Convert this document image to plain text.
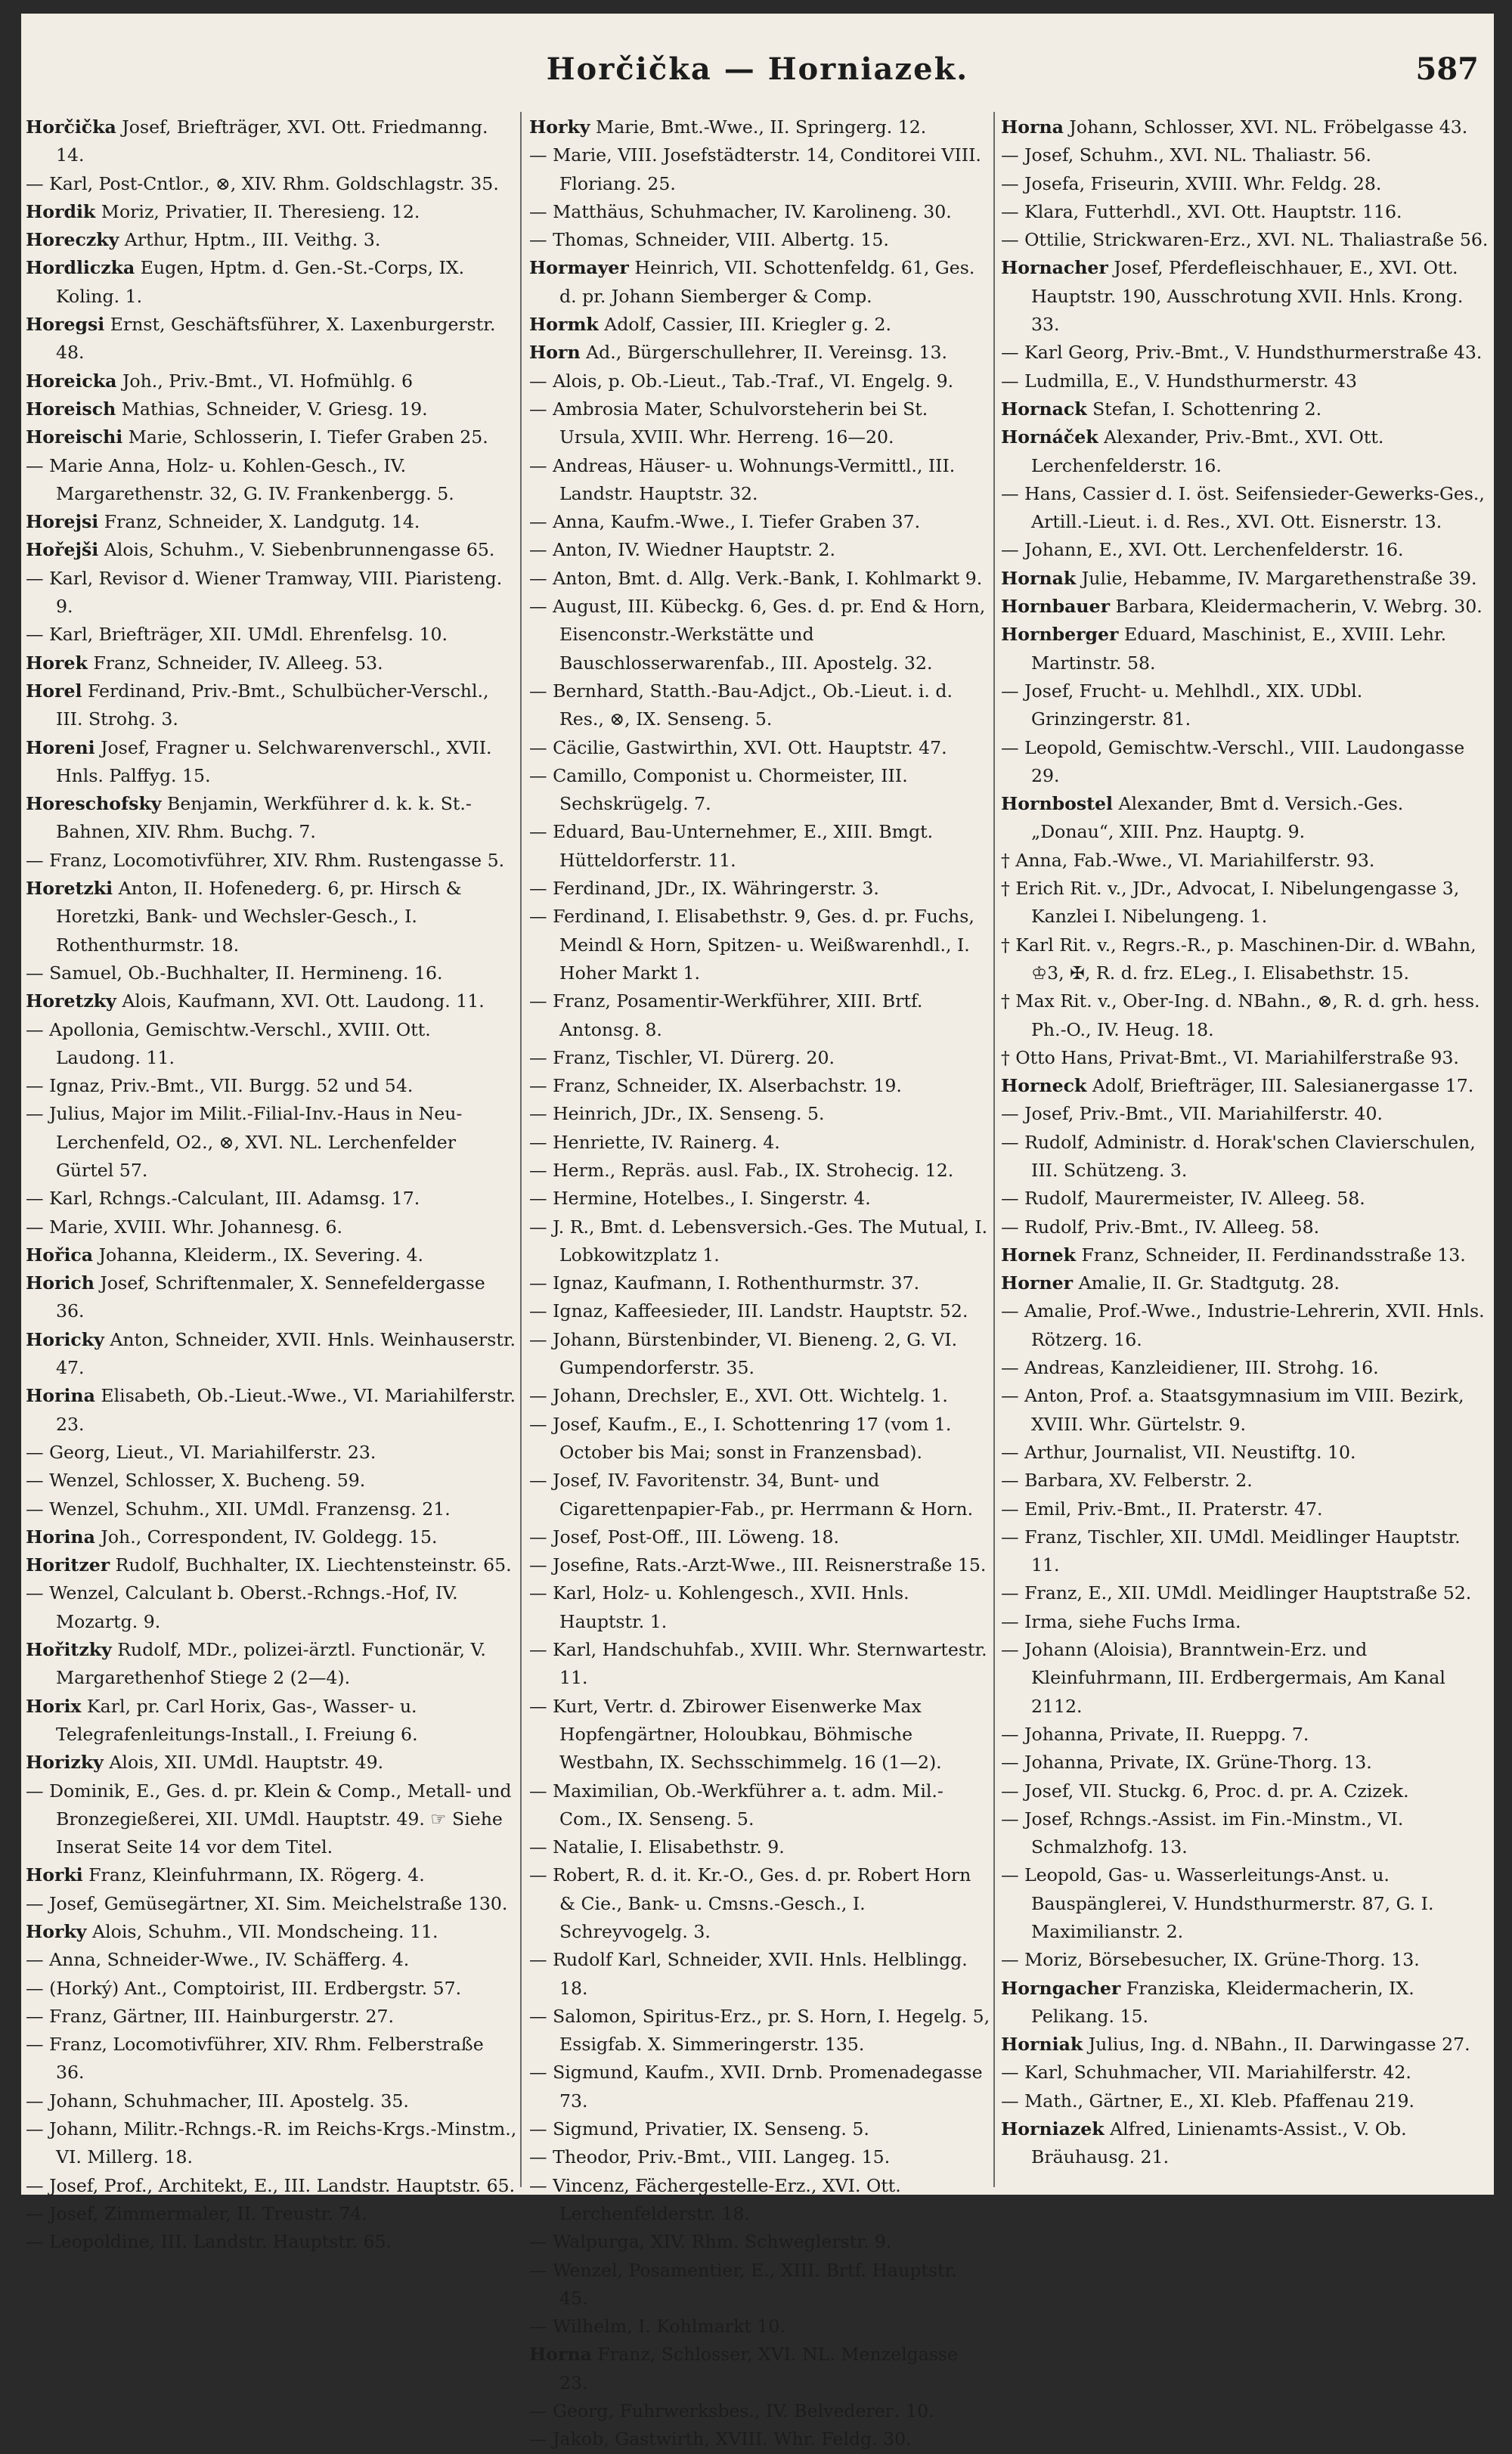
Horčička — Horniazek.	587

Horčička Josef, Briefträger, XVI. Ott. Friedmanng. 14.

— Karl, Post-Cntlor., ⊗, XIV. Rhm. Goldschlagstr. 35.

Hordik Moriz, Privatier, II. Theresieng. 12.

Horeczky Arthur, Hptm., III. Veithg. 3.

Hordliczka Eugen, Hptm. d. Gen.-St.-Corps, IX. Koling. 1.

Horegsi Ernst, Geschäftsführer, X. Laxenburgerstr. 48.

Horeicka Joh., Priv.-Bmt., VI. Hofmühlg. 6

Horeisch Mathias, Schneider, V. Griesg. 19.

Horeischi Marie, Schlosserin, I. Tiefer Graben 25.

— Marie Anna, Holz- u. Kohlen-Gesch., IV. Margarethenstr. 32, G. IV. Frankenbergg. 5.

Horejsi Franz, Schneider, X. Landgutg. 14.

Hořejši Alois, Schuhm., V. Siebenbrunnengasse 65.

— Karl, Revisor d. Wiener Tramway, VIII. Piaristeng. 9.

— Karl, Briefträger, XII. UMdl. Ehrenfelsg. 10.

Horek Franz, Schneider, IV. Alleeg. 53.

Horel Ferdinand, Priv.-Bmt., Schulbücher-Verschl., III. Strohg. 3.

Horeni Josef, Fragner u. Selchwarenverschl., XVII. Hnls. Palffyg. 15.

Horeschofsky Benjamin, Werkführer d. k. k. St.-Bahnen, XIV. Rhm. Buchg. 7.

— Franz, Locomotivführer, XIV. Rhm. Rustengasse 5.

Horetzki Anton, II. Hofenederg. 6, pr. Hirsch & Horetzki, Bank- und Wechsler-Gesch., I. Rothenthurmstr. 18.

— Samuel, Ob.-Buchhalter, II. Hermineng. 16.

Horetzky Alois, Kaufmann, XVI. Ott. Laudong. 11.

— Apollonia, Gemischtw.-Verschl., XVIII. Ott. Laudong. 11.

— Ignaz, Priv.-Bmt., VII. Burgg. 52 und 54.

— Julius, Major im Milit.-Filial-Inv.-Haus in Neu-Lerchenfeld, O2., ⊗, XVI. NL. Lerchenfelder Gürtel 57.

— Karl, Rchngs.-Calculant, III. Adamsg. 17.

— Marie, XVIII. Whr. Johannesg. 6.

Hořica Johanna, Kleiderm., IX. Severing. 4.

Horich Josef, Schriftenmaler, X. Sennefeldergasse 36.

Horicky Anton, Schneider, XVII. Hnls. Weinhauserstr. 47.

Horina Elisabeth, Ob.-Lieut.-Wwe., VI. Mariahilferstr. 23.

— Georg, Lieut., VI. Mariahilferstr. 23.

— Wenzel, Schlosser, X. Bucheng. 59.

— Wenzel, Schuhm., XII. UMdl. Franzensg. 21.

Horina Joh., Correspondent, IV. Goldegg. 15.

Horitzer Rudolf, Buchhalter, IX. Liechtensteinstr. 65.

— Wenzel, Calculant b. Oberst.-Rchngs.-Hof, IV. Mozartg. 9.

Hořitzky Rudolf, MDr., polizei-ärztl. Functionär, V. Margarethenhof Stiege 2 (2—4).

Horix Karl, pr. Carl Horix, Gas-, Wasser- u. Telegrafenleitungs-Install., I. Freiung 6.

Horizky Alois, XII. UMdl. Hauptstr. 49.

— Dominik, E., Ges. d. pr. Klein & Comp., Metall- und Bronzegießerei, XII. UMdl. Hauptstr. 49. ☞ Siehe Inserat Seite 14 vor dem Titel.

Horki Franz, Kleinfuhrmann, IX. Rögerg. 4.

— Josef, Gemüsegärtner, XI. Sim. Meichelstraße 130.

Horky Alois, Schuhm., VII. Mondscheing. 11.

— Anna, Schneider-Wwe., IV. Schäfferg. 4.

— (Horký) Ant., Comptoirist, III. Erdbergstr. 57.

— Franz, Gärtner, III. Hainburgerstr. 27.

— Franz, Locomotivführer, XIV. Rhm. Felberstraße 36.

— Johann, Schuhmacher, III. Apostelg. 35.

— Johann, Militr.-Rchngs.-R. im Reichs-Krgs.-Minstm., VI. Millerg. 18.

— Josef, Prof., Architekt, E., III. Landstr. Hauptstr. 65.

— Josef, Zimmermaler, II. Treustr. 74.

— Leopoldine, III. Landstr. Hauptstr. 65.

Horky Marie, Bmt.-Wwe., II. Springerg. 12.

— Marie, VIII. Josefstädterstr. 14, Conditorei VIII. Floriang. 25.

— Matthäus, Schuhmacher, IV. Karolineng. 30.

— Thomas, Schneider, VIII. Albertg. 15.

Hormayer Heinrich, VII. Schottenfeldg. 61, Ges. d. pr. Johann Siemberger & Comp.

Hormk Adolf, Cassier, III. Kriegler g. 2.

Horn Ad., Bürgerschullehrer, II. Vereinsg. 13.

— Alois, p. Ob.-Lieut., Tab.-Traf., VI. Engelg. 9.

— Ambrosia Mater, Schulvorsteherin bei St. Ursula, XVIII. Whr. Herreng. 16—20.

— Andreas, Häuser- u. Wohnungs-Vermittl., III. Landstr. Hauptstr. 32.

— Anna, Kaufm.-Wwe., I. Tiefer Graben 37.

— Anton, IV. Wiedner Hauptstr. 2.

— Anton, Bmt. d. Allg. Verk.-Bank, I. Kohlmarkt 9.

— August, III. Kübeckg. 6, Ges. d. pr. End & Horn, Eisenconstr.-Werkstätte und Bauschlosserwarenfab., III. Apostelg. 32.

— Bernhard, Statth.-Bau-Adjct., Ob.-Lieut. i. d. Res., ⊗, IX. Senseng. 5.

— Cäcilie, Gastwirthin, XVI. Ott. Hauptstr. 47.

— Camillo, Componist u. Chormeister, III. Sechskrügelg. 7.

— Eduard, Bau-Unternehmer, E., XIII. Bmgt. Hütteldorferstr. 11.

— Ferdinand, JDr., IX. Währingerstr. 3.

— Ferdinand, I. Elisabethstr. 9, Ges. d. pr. Fuchs, Meindl & Horn, Spitzen- u. Weißwarenhdl., I. Hoher Markt 1.

— Franz, Posamentir-Werkführer, XIII. Brtf. Antonsg. 8.

— Franz, Tischler, VI. Dürerg. 20.

— Franz, Schneider, IX. Alserbachstr. 19.

— Heinrich, JDr., IX. Senseng. 5.

— Henriette, IV. Rainerg. 4.

— Herm., Repräs. ausl. Fab., IX. Strohecig. 12.

— Hermine, Hotelbes., I. Singerstr. 4.

— J. R., Bmt. d. Lebensversich.-Ges. The Mutual, I. Lobkowitzplatz 1.

— Ignaz, Kaufmann, I. Rothenthurmstr. 37.

— Ignaz, Kaffeesieder, III. Landstr. Hauptstr. 52.

— Johann, Bürstenbinder, VI. Bieneng. 2, G. VI. Gumpendorferstr. 35.

— Johann, Drechsler, E., XVI. Ott. Wichtelg. 1.

— Josef, Kaufm., E., I. Schottenring 17 (vom 1. October bis Mai; sonst in Franzensbad).

— Josef, IV. Favoritenstr. 34, Bunt- und Cigarettenpapier-Fab., pr. Herrmann & Horn.

— Josef, Post-Off., III. Löweng. 18.

— Josefine, Rats.-Arzt-Wwe., III. Reisnerstraße 15.

— Karl, Holz- u. Kohlengesch., XVII. Hnls. Hauptstr. 1.

— Karl, Handschuhfab., XVIII. Whr. Sternwartestr. 11.

— Kurt, Vertr. d. Zbirower Eisenwerke Max Hopfengärtner, Holoubkau, Böhmische Westbahn, IX. Sechsschimmelg. 16 (1—2).

— Maximilian, Ob.-Werkführer a. t. adm. Mil.-Com., IX. Senseng. 5.

— Natalie, I. Elisabethstr. 9.

— Robert, R. d. it. Kr.-O., Ges. d. pr. Robert Horn & Cie., Bank- u. Cmsns.-Gesch., I. Schreyvogelg. 3.

— Rudolf Karl, Schneider, XVII. Hnls. Helblingg. 18.

— Salomon, Spiritus-Erz., pr. S. Horn, I. Hegelg. 5, Essigfab. X. Simmeringerstr. 135.

— Sigmund, Kaufm., XVII. Drnb. Promenadegasse 73.

— Sigmund, Privatier, IX. Senseng. 5.

— Theodor, Priv.-Bmt., VIII. Langeg. 15.

— Vincenz, Fächergestelle-Erz., XVI. Ott. Lerchenfelderstr. 18.

— Walpurga, XIV. Rhm. Schweglerstr. 9.

— Wenzel, Posamentier, E., XIII. Brtf. Hauptstr. 45.

— Wilhelm, I. Kohlmarkt 10.

Horna Franz, Schlosser, XVI. NL. Menzelgasse 23.

— Georg, Fuhrwerksbes., IV. Belvederег. 10.

— Jakob, Gastwirth, XVIII. Whr. Feldg. 30.

Horna Johann, Schlosser, XVI. NL. Fröbelgasse 43.

— Josef, Schuhm., XVI. NL. Thaliastr. 56.

— Josefa, Friseurin, XVIII. Whr. Feldg. 28.

— Klara, Futterhdl., XVI. Ott. Hauptstr. 116.

— Ottilie, Strickwaren-Erz., XVI. NL. Thaliastraße 56.

Hornacher Josef, Pferdefleischhauer, E., XVI. Ott. Hauptstr. 190, Ausschrotung XVII. Hnls. Krong. 33.

— Karl Georg, Priv.-Bmt., V. Hundsthurmerstraße 43.

— Ludmilla, E., V. Hundsthurmerstr. 43

Hornack Stefan, I. Schottenring 2.

Hornáček Alexander, Priv.-Bmt., XVI. Ott. Lerchenfelderstr. 16.

— Hans, Cassier d. I. öst. Seifensieder-Gewerks-Ges., Artill.-Lieut. i. d. Res., XVI. Ott. Eisnerstr. 13.

— Johann, E., XVI. Ott. Lerchenfelderstr. 16.

Hornak Julie, Hebamme, IV. Margarethenstraße 39.

Hornbauer Barbara, Kleidermacherin, V. Webrg. 30.

Hornberger Eduard, Maschinist, E., XVIII. Lehr. Martinstr. 58.

— Josef, Frucht- u. Mehlhdl., XIX. UDbl. Grinzingerstr. 81.

— Leopold, Gemischtw.-Verschl., VIII. Laudongasse 29.

Hornbostel Alexander, Bmt d. Versich.-Ges. „Donau“, XIII. Pnz. Hauptg. 9.

† Anna, Fab.-Wwe., VI. Mariahilferstr. 93.

† Erich Rit. v., JDr., Advocat, I. Nibelungengasse 3, Kanzlei I. Nibelungeng. 1.

† Karl Rit. v., Regrs.-R., p. Maschinen-Dir. d. WBahn, ♔3, ✠, R. d. frz. ELeg., I. Elisabethstr. 15.

† Max Rit. v., Ober-Ing. d. NBahn., ⊗, R. d. grh. hess. Ph.-O., IV. Heug. 18.

† Otto Hans, Privat-Bmt., VI. Mariahilferstraße 93.

Horneck Adolf, Briefträger, III. Salesianergasse 17.

— Josef, Priv.-Bmt., VII. Mariahilferstr. 40.

— Rudolf, Administr. d. Horak'schen Clavierschulen, III. Schützeng. 3.

— Rudolf, Maurermeister, IV. Alleeg. 58.

— Rudolf, Priv.-Bmt., IV. Alleeg. 58.

Hornek Franz, Schneider, II. Ferdinandsstraße 13.

Horner Amalie, II. Gr. Stadtgutg. 28.

— Amalie, Prof.-Wwe., Industrie-Lehrerin, XVII. Hnls. Rötzerg. 16.

— Andreas, Kanzleidiener, III. Strohg. 16.

— Anton, Prof. a. Staatsgymnasium im VIII. Bezirk, XVIII. Whr. Gürtelstr. 9.

— Arthur, Journalist, VII. Neustiftg. 10.

— Barbara, XV. Felberstr. 2.

— Emil, Priv.-Bmt., II. Praterstr. 47.

— Franz, Tischler, XII. UMdl. Meidlinger Hauptstr. 11.

— Franz, E., XII. UMdl. Meidlinger Hauptstraße 52.

— Irma, siehe Fuchs Irma.

— Johann (Aloisia), Branntwein-Erz. und Kleinfuhrmann, III. Erdbergermais, Am Kanal 2112.

— Johanna, Private, II. Rueppg. 7.

— Johanna, Private, IX. Grüne-Thorg. 13.

— Josef, VII. Stuckg. 6, Proc. d. pr. A. Czizek.

— Josef, Rchngs.-Assist. im Fin.-Minstm., VI. Schmalzhofg. 13.

— Leopold, Gas- u. Wasserleitungs-Anst. u. Bauspänglerei, V. Hundsthurmerstr. 87, G. I. Maximilianstr. 2.

— Moriz, Börsebesucher, IX. Grüne-Thorg. 13.

Horngacher Franziska, Kleidermacherin, IX. Pelikang. 15.

Horniak Julius, Ing. d. NBahn., II. Darwingasse 27.

— Karl, Schuhmacher, VII. Mariahilferstr. 42.

— Math., Gärtner, E., XI. Kleb. Pfaffenau 219.

Horniazek Alfred, Linienamts-Assist., V. Ob. Bräuhausg. 21.
